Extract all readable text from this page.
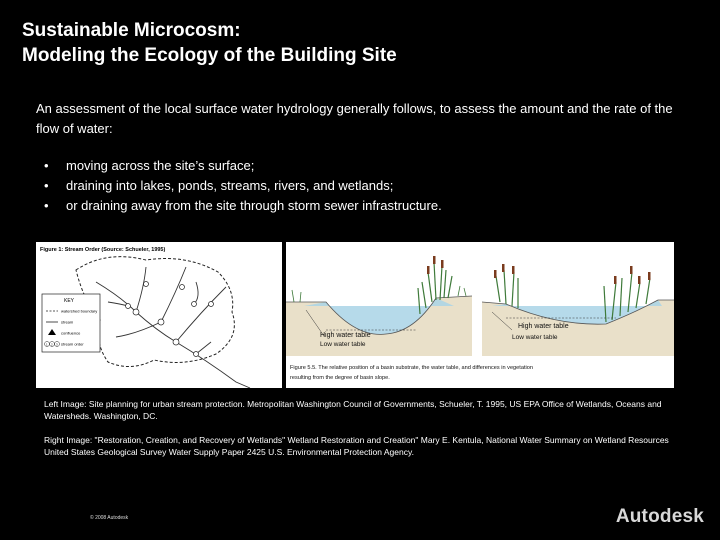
Sustainable Microcosm:
Modeling the Ecology of the Building Site
An assessment of the local surface water hydrology generally follows, to assess the amount and the rate of the flow of water:
• moving across the site’s surface;
• draining into lakes, ponds, streams, rivers, and wetlands;
• or draining away from the site through storm sewer infrastructure.
Figure 1: Stream Order (Source: Schueler, 1995)
KEY
watershed boundary
stream
confluence
1 2 3 stream order
High water table
Low water table
High water table
Low water table
Figure 5.5. The relative position of a basin substrate, the water table, and differences in vegetation
resulting from the degree of basin slope.
Left Image: Site planning for urban stream protection. Metropolitan Washington Council of Governments, Schueler, T. 1995, US EPA Office of Wetlands, Oceans and Watersheds. Washington, DC.
Right Image: "Restoration, Creation, and Recovery of Wetlands" Wetland Restoration and Creation" Mary E. Kentula, National Water Summary on Wetland Resources United States Geological Survey Water Supply Paper 2425 U.S. Environmental Protection Agency.
© 2008 Autodesk	Autodesk
